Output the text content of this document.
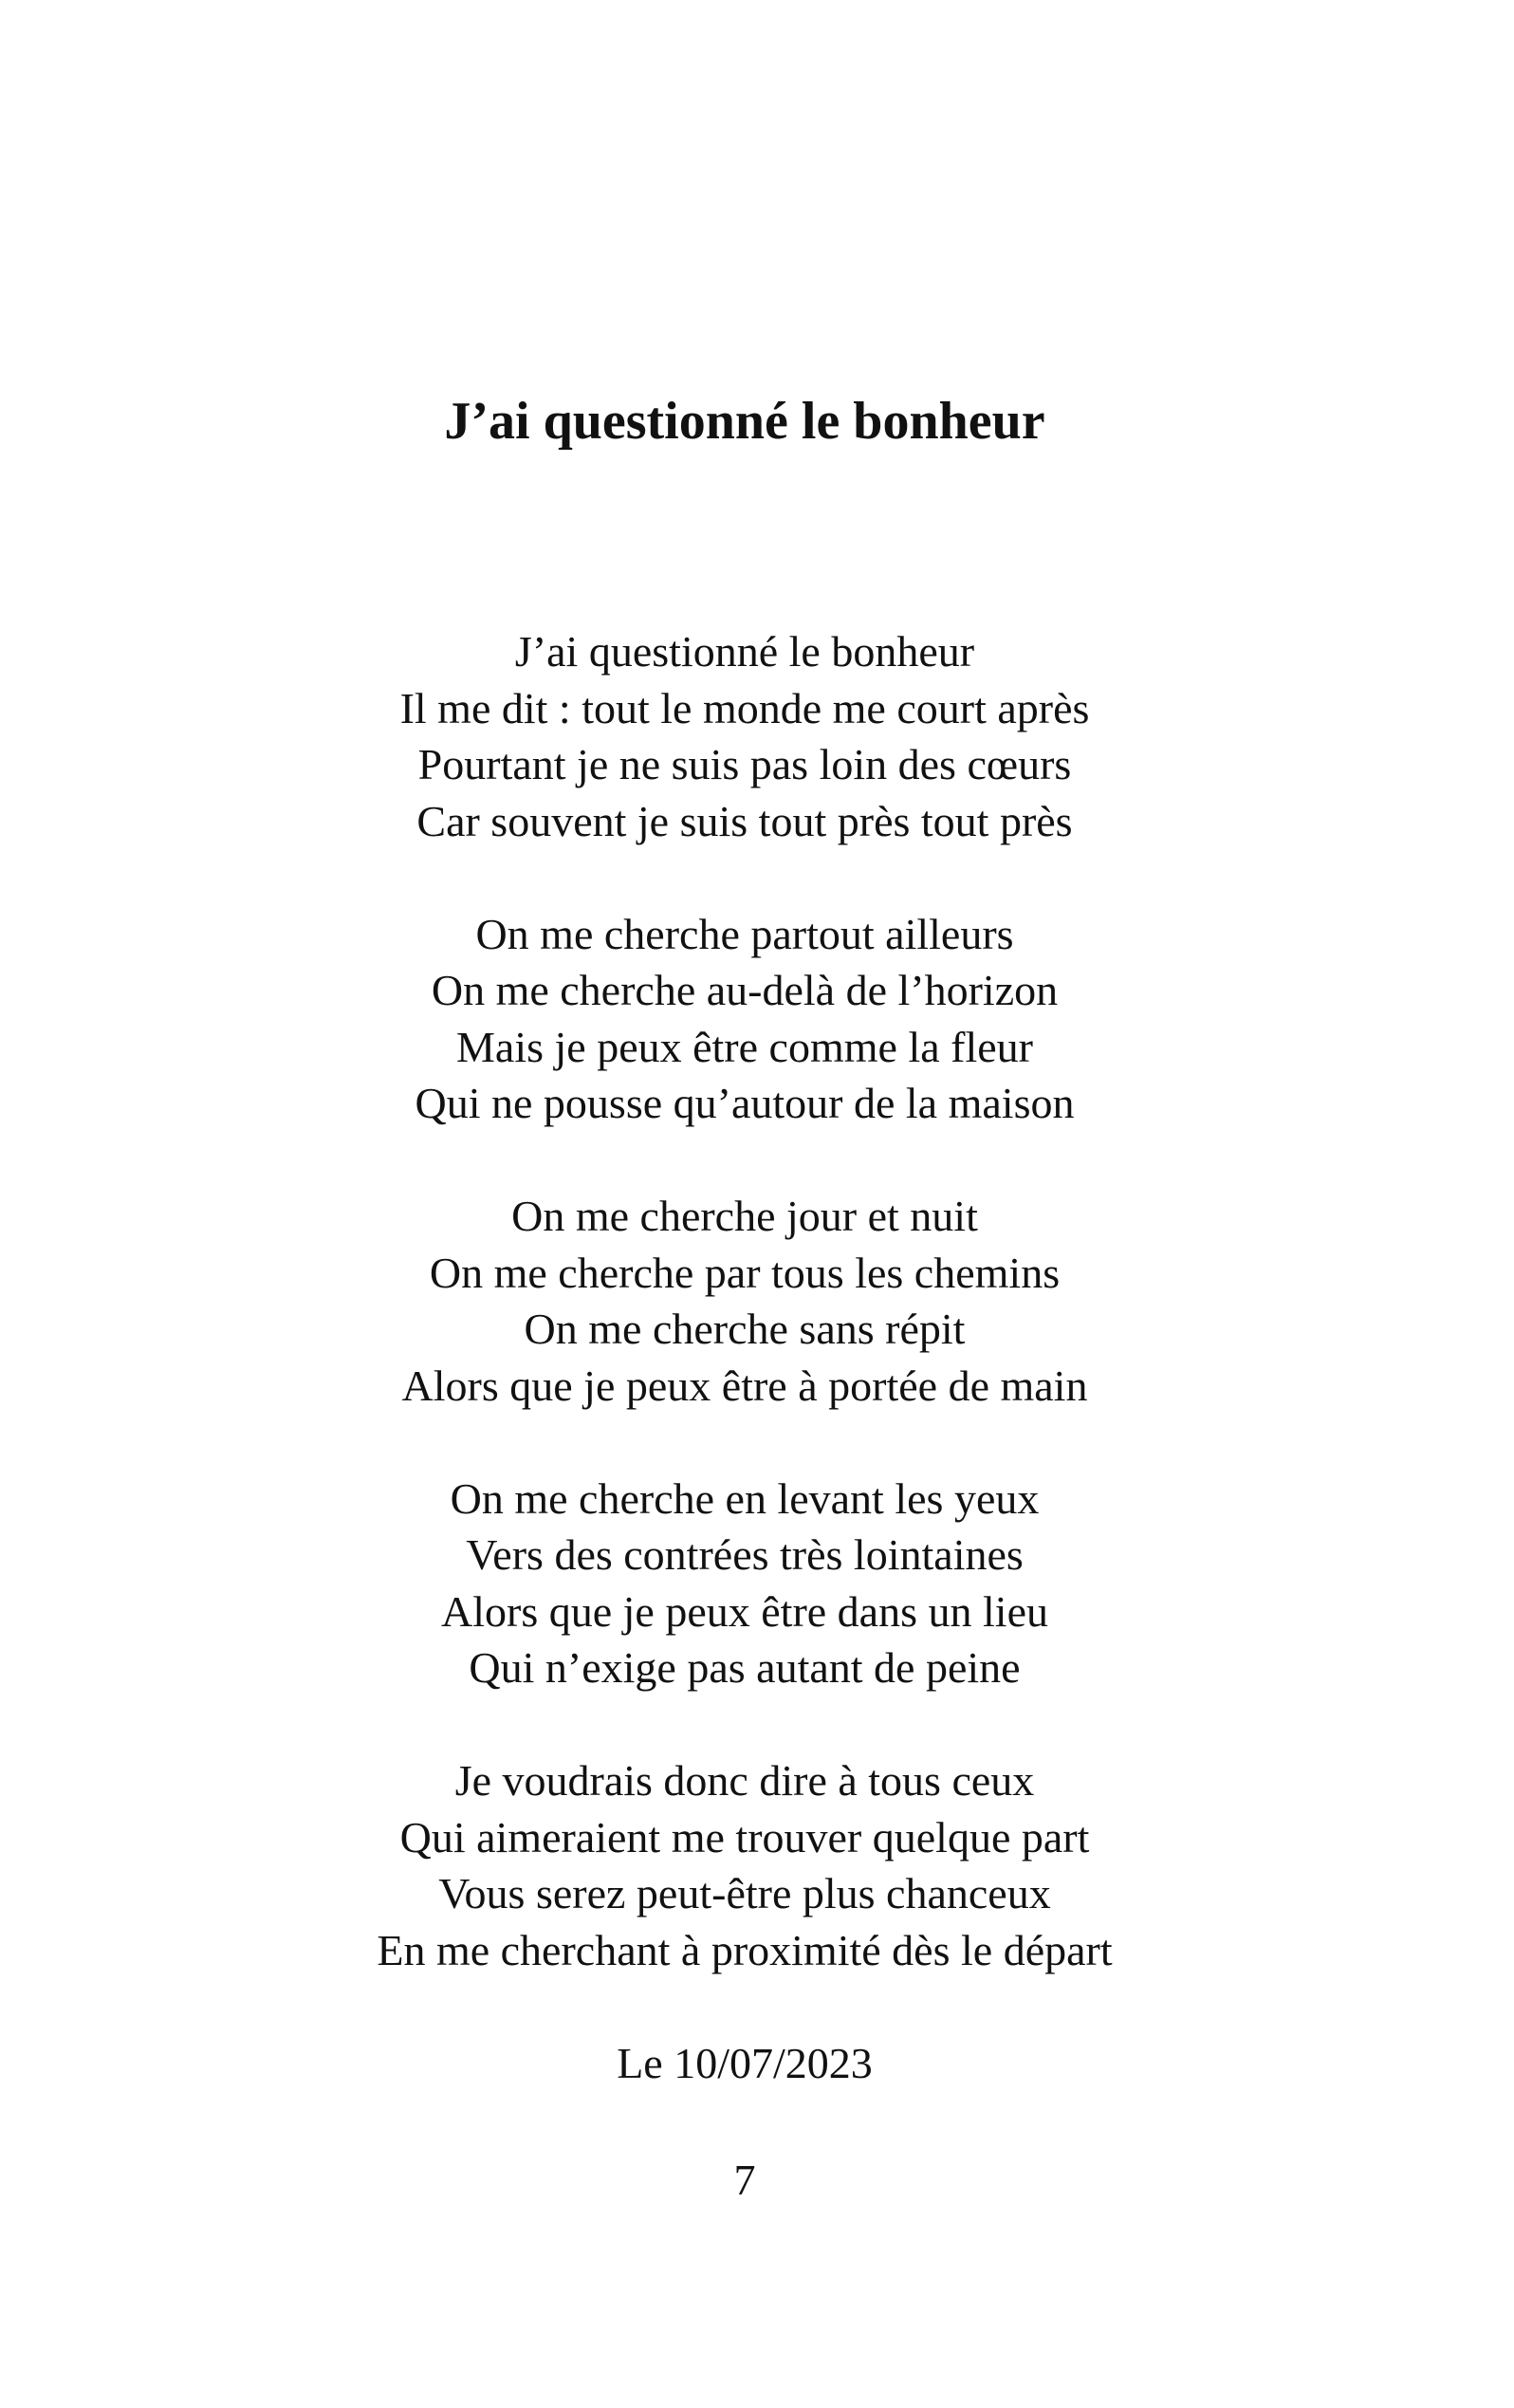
J’ai questionné le bonheur
J’ai questionné le bonheur
Il me dit : tout le monde me court après
Pourtant je ne suis pas loin des cœurs
Car souvent je suis tout près tout près
On me cherche partout ailleurs
On me cherche au-delà de l’horizon
Mais je peux être comme la fleur
Qui ne pousse qu’autour de la maison
On me cherche jour et nuit
On me cherche par tous les chemins
On me cherche sans répit
Alors que je peux être à portée de main
On me cherche en levant les yeux
Vers des contrées très lointaines
Alors que je peux être dans un lieu
Qui n’exige pas autant de peine
Je voudrais donc dire à tous ceux
Qui aimeraient me trouver quelque part
Vous serez peut-être plus chanceux
En me cherchant à proximité dès le départ

Le 10/07/2023

7
